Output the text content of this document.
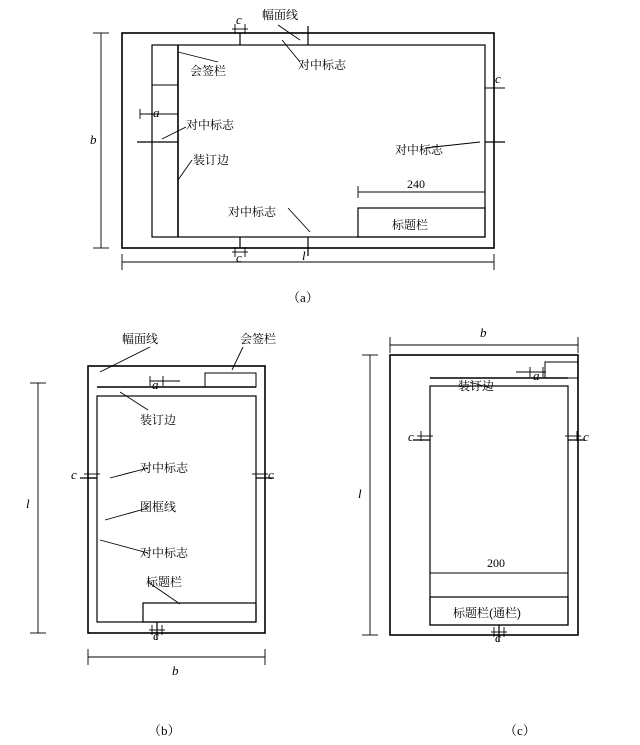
幅面线
会签栏	对中标志
对中标志
装订边
对中标志
对中标志
标题栏
240
l
b
a
c
c
c
（a）
幅面线	会签栏
装订边
对中标志
图框线
对中标志
标题栏
l
b
a
c	c
c
（b）
装订边
标题栏(通栏)
200
l
b
a
c	c
c
（c）
